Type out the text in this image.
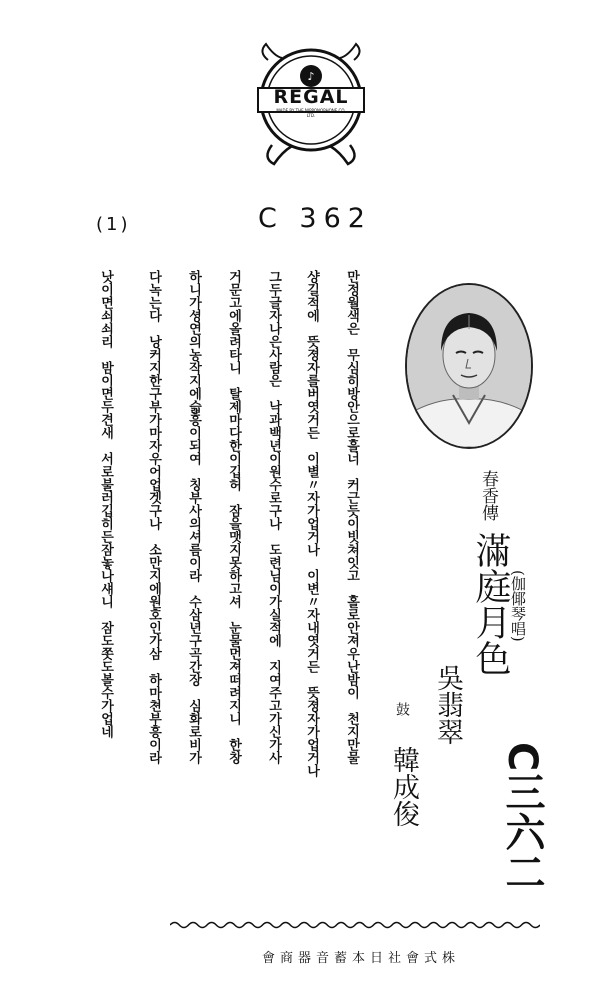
♪
REGAL
MADE BY THE NIPPONOPHONE CO. LTD.
C 362
(1)
만정월색은　무심히방안으로흘너　커근듯이빗쳐잇고　홀로안져우난밤이　천지만물
샹길적에　뜻졍자를버엿거든　이별〃자가업거나　이변〃자내엿거든　뜻졍자가업거나
그두글자나은사람은　낙과백년이원수로구나　도련님이가실적에　지여주고가신가사
거문고에올려타니　탈제마다한이깁허　잠을맷지못하고셔　눈물먼져떠려지니　한창
하니가셩연의농작지에슯흥이되여　칭부사의셔름이라　수삼년구곡간장　심화로비가
다녹는다　낭커지한구부가마자우어업겟구나　소만지에원호인가삼　하마쳔부흥이라
낫이면쇠쇠리　밤이면두견새　서로불러깁히든잠놓나섀니　잠도쫏도볼수가업네
C三六二
(伽倻琴唱)
春香傳
滿庭月色
吳翡翠
鼓
韓成俊
株式會社日本蓄音器商會
